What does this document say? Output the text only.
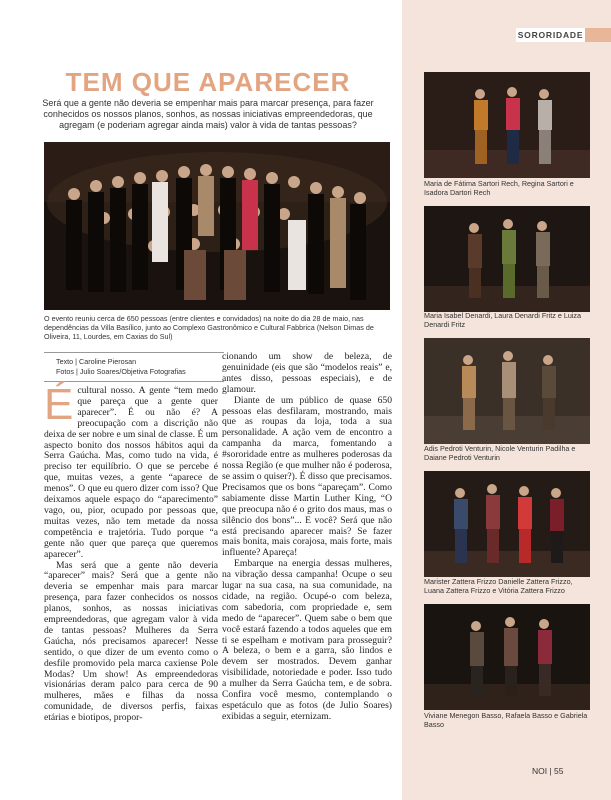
SORORIDADE
TEM QUE APARECER

Será que a gente não deveria se empenhar mais para marcar presença, para fazer conhecidos os nossos planos, sonhos, as nossas iniciativas empreendedoras, que agregam (e poderiam agregar ainda mais) valor à vida de tantas pessoas?

O evento reuniu cerca de 650 pessoas (entre clientes e convidados) na noite do dia 28 de maio, nas dependências da Villa Basílico, junto ao Complexo Gastronômico e Cultural Fabbrica (Nelson Dimas de Oliveira, 11, Lourdes, em Caxias do Sul)

Texto | Caroline Pierosan
Fotos | Julio Soares/Objetiva Fotografias

Écultural nosso. A gente “tem medo que pareça que a gente quer aparecer”. É ou não é? A preocupação com a discrição não deixa de ser nobre e um sinal de classe. É um aspecto bonito dos nossos hábitos aqui da Serra Gaúcha. Mas, como tudo na vida, é preciso ter equilíbrio. O que se percebe é que, muitas vezes, a gente “aparece de menos”. O que eu quero dizer com isso? Que deixamos aquele espaço do “aparecimento” vago, ou, pior, ocupado por pessoas que, muitas vezes, não tem metade da nossa competência e trajetória. Tudo porque “a gente não quer que pareça que queremos aparecer”.

Mas será que a gente não deveria “aparecer” mais? Será que a gente não deveria se empenhar mais para marcar presença, para fazer conhecidos os nossos planos, sonhos, as nossas iniciativas empreendedoras, que agregam valor à vida de tantas pessoas? Mulheres da Serra Gaúcha, nós precisamos aparecer! Nesse sentido, o que dizer de um evento como o desfile promovido pela marca caxiense Pole Modas? Um show! As empreendedoras visionárias deram palco para cerca de 90 mulheres, mães e filhas da nossa comunidade, de diversos perfis, faixas etárias e biotipos, propor-

cionando um show de beleza, de genuinidade (eis que são “modelos reais” e, antes disso, pessoas especiais), e de glamour.

Diante de um público de quase 650 pessoas elas desfilaram, mostrando, mais que as roupas da loja, toda a sua personalidade. A ação vem de encontro a campanha da marca, fomentando a #sororidade entre as mulheres poderosas da nossa Região (e que mulher não é poderosa, se assim o quiser?). É disso que precisamos. Precisamos que os bons “apareçam”. Como sabiamente disse Martin Luther King, “O que preocupa não é o grito dos maus, mas o silêncio dos bons”... E você? Será que não está precisando aparecer mais? Se fazer mais bonita, mais corajosa, mais forte, mais influente? Apareça!

Embarque na energia dessas mulheres, na vibração dessa campanha! Ocupe o seu lugar na sua casa, na sua comunidade, na cidade, na região. Ocupé-o com beleza, com sabedoria, com propriedade e, sem medo de “aparecer”. Quem sabe o bem que você estará fazendo a todos aqueles que em ti se espelham e motivam para prosseguir? A beleza, o bem e a garra, são lindos e devem ser mostrados. Devem ganhar visibilidade, notoriedade e poder. Isso tudo a mulher da Serra Gaúcha tem, e de sobra. Confira você mesmo, contemplando o espetáculo que as fotos (de Julio Soares) exibidas a seguir, eternizam.

Maria de Fátima Sartori Rech, Regina Sartori e Isadora Dartori Rech

Maria Isabel Denardi, Laura Denardi Fritz e Luiza Denardi Fritz

Adis Pedroti Venturin, Nicole Venturin Padilha e Daiane Pedroti Venturin

Marister Zattera Frizzo Danielle Zattera Frizzo, Luana Zattera Frizzo e Vitória Zattera Frizzo

Viviane Menegon Basso, Rafaela Basso e Gabriela Basso

NOI | 55
